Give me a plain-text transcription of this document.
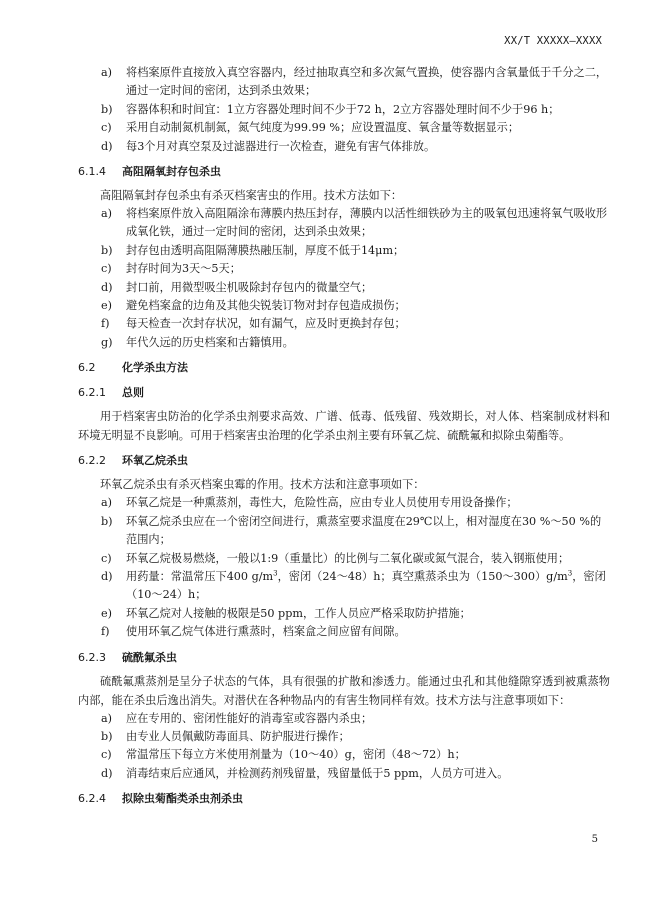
XX/T XXXXX—XXXX
a) 将档案原件直接放入真空容器内，经过抽取真空和多次氮气置换，使容器内含氧量低于千分之二，通过一定时间的密闭，达到杀虫效果；
b) 容器体积和时间宜：1立方容器处理时间不少于72 h，2立方容器处理时间不少于96 h；
c) 采用自动制氮机制氮，氮气纯度为99.99 %；应设置温度、氧含量等数据显示；
d) 每3个月对真空泵及过滤器进行一次检查，避免有害气体排放。
6.1.4 高阻隔氧封存包杀虫
高阻隔氧封存包杀虫有杀灭档案害虫的作用。技术方法如下：
a) 将档案原件放入高阻隔涂布薄膜内热压封存，薄膜内以活性细铁砂为主的吸氧包迅速将氧气吸收形成氧化铁，通过一定时间的密闭，达到杀虫效果；
b) 封存包由透明高阻隔薄膜热融压制，厚度不低于14μm；
c) 封存时间为3天～5天；
d) 封口前，用微型吸尘机吸除封存包内的微量空气；
e) 避免档案盒的边角及其他尖锐装订物对封存包造成损伤；
f) 每天检查一次封存状况，如有漏气，应及时更换封存包；
g) 年代久远的历史档案和古籍慎用。
6.2 化学杀虫方法
6.2.1 总则
用于档案害虫防治的化学杀虫剂要求高效、广谱、低毒、低残留、残效期长，对人体、档案制成材料和环境无明显不良影响。可用于档案害虫治理的化学杀虫剂主要有环氧乙烷、硫酰氟和拟除虫菊酯等。
6.2.2 环氧乙烷杀虫
环氧乙烷杀虫有杀灭档案虫霉的作用。技术方法和注意事项如下：
a) 环氧乙烷是一种熏蒸剂，毒性大，危险性高，应由专业人员使用专用设备操作；
b) 环氧乙烷杀虫应在一个密闭空间进行，熏蒸室要求温度在29℃以上，相对湿度在30 %～50 %的范围内；
c) 环氧乙烷极易燃烧，一般以1:9（重量比）的比例与二氧化碳或氮气混合，装入钢瓶使用；
d) 用药量：常温常压下400 $g/m^3$，密闭（24～48）h；真空熏蒸杀虫为$(150\sim 300)g/m^3$，密闭（10～24）h；
e) 环氧乙烷对人接触的极限是50 ppm，工作人员应严格采取防护措施；
f) 使用环氧乙烷气体进行熏蒸时，档案盒之间应留有间隙。
6.2.3 硫酰氟杀虫
硫酰氟熏蒸剂是呈分子状态的气体，具有很强的扩散和渗透力。能通过虫孔和其他缝隙穿透到被熏蒸物内部，能在杀虫后逸出消失。对潜伏在各种物品内的有害生物同样有效。技术方法与注意事项如下：
a) 应在专用的、密闭性能好的消毒室或容器内杀虫；
b) 由专业人员佩戴防毒面具、防护服进行操作；
c) 常温常压下每立方米使用剂量为（10～40）g，密闭（48～72）h；
d) 消毒结束后应通风，并检测药剂残留量，残留量低于5 ppm，人员方可进入。
6.2.4 拟除虫菊酯类杀虫剂杀虫
5
